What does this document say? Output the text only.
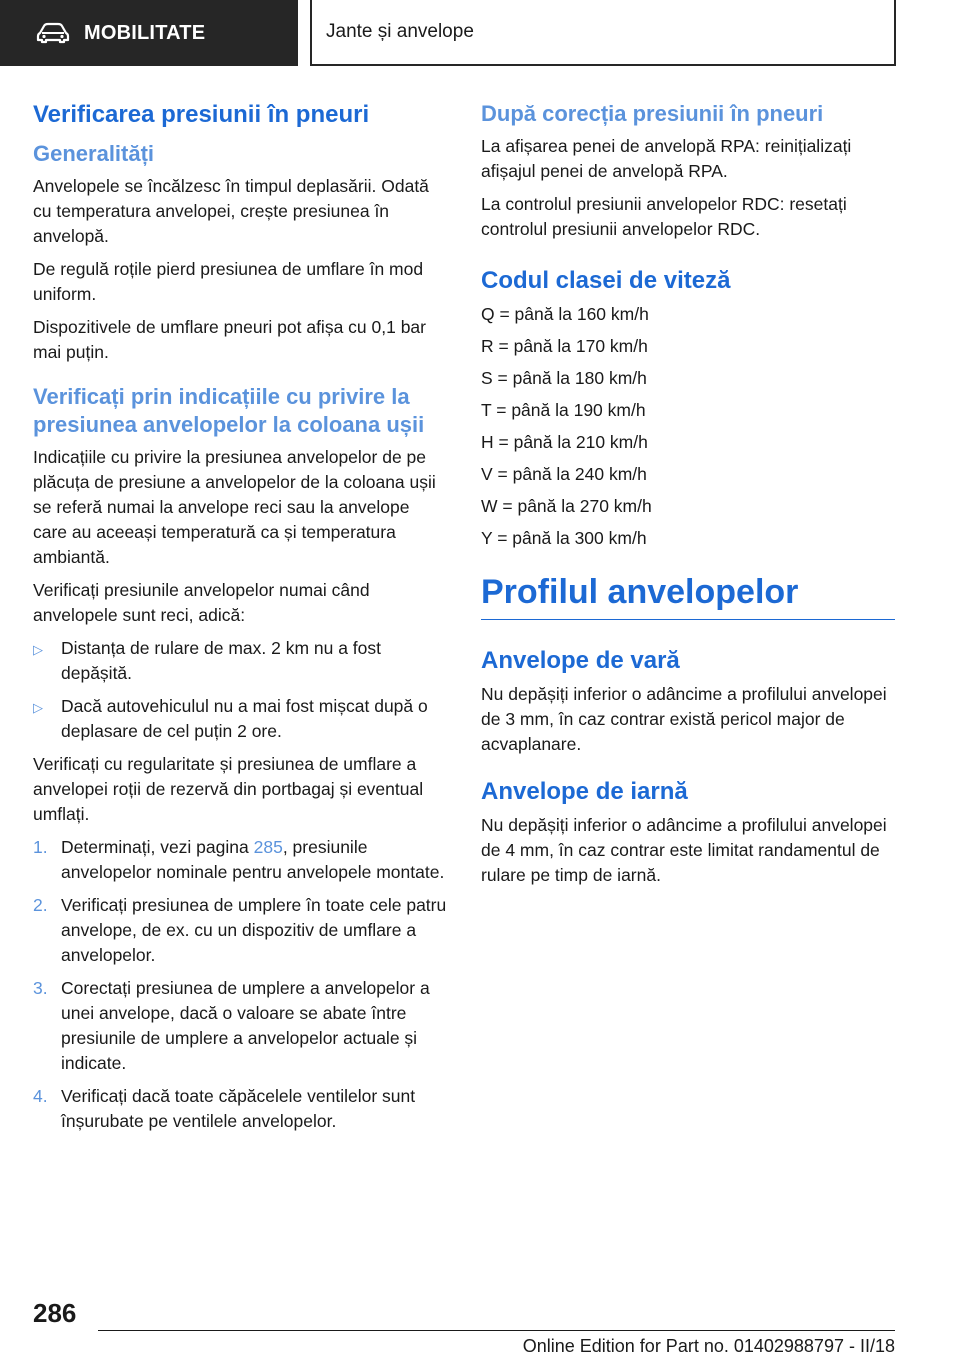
MOBILITATE	Jante și anvelope
Verificarea presiunii în pneuri
Generalități

Anvelopele se încălzesc în timpul deplasării. Odată cu temperatura anvelopei, crește presiunea în anvelopă.

De regulă roțile pierd presiunea de umflare în mod uniform.

Dispozitivele de umflare pneuri pot afișa cu 0,1 bar mai puțin.

Verificați prin indicațiile cu privire la presiunea anvelopelor la coloana ușii

Indicațiile cu privire la presiunea anvelopelor de pe plăcuța de presiune a anvelopelor de la coloana ușii se referă numai la anvelope reci sau la anvelope care au aceeași temperatură ca și temperatura ambiantă.

Verificați presiunile anvelopelor numai când anvelopele sunt reci, adică:

▷	Distanța de rulare de max. 2 km nu a fost depășită.
▷	Dacă autovehiculul nu a mai fost mișcat după o deplasare de cel puțin 2 ore.

Verificați cu regularitate și presiunea de umflare a anvelopei roții de rezervă din portbagaj și eventual umflați.

1. Determinați, vezi pagina 285, presiunile anvelopelor nominale pentru anvelopele montate.
2. Verificați presiunea de umplere în toate cele patru anvelope, de ex. cu un dispozitiv de umflare a anvelopelor.
3. Corectați presiunea de umplere a anvelopelor a unei anvelope, dacă o valoare se abate între presiunile de umplere a anvelopelor actuale și indicate.
4. Verificați dacă toate căpăcelele ventilelor sunt înșurubate pe ventilele anvelopelor.
După corecția presiunii în pneuri

La afișarea penei de anvelopă RPA: reinițializați afișajul penei de anvelopă RPA.

La controlul presiunii anvelopelor RDC: resetați controlul presiunii anvelopelor RDC.

Codul clasei de viteză

Q = până la 160 km/h

R = până la 170 km/h

S = până la 180 km/h

T = până la 190 km/h

H = până la 210 km/h

V = până la 240 km/h

W = până la 270 km/h

Y = până la 300 km/h

Profilul anvelopelor
Anvelope de vară

Nu depășiți inferior o adâncime a profilului anvelopei de 3 mm, în caz contrar există pericol major de acvaplanare.

Anvelope de iarnă

Nu depășiți inferior o adâncime a profilului anvelopei de 4 mm, în caz contrar este limitat randamentul de rulare pe timp de iarnă.

286
Online Edition for Part no. 01402988797 - II/18
